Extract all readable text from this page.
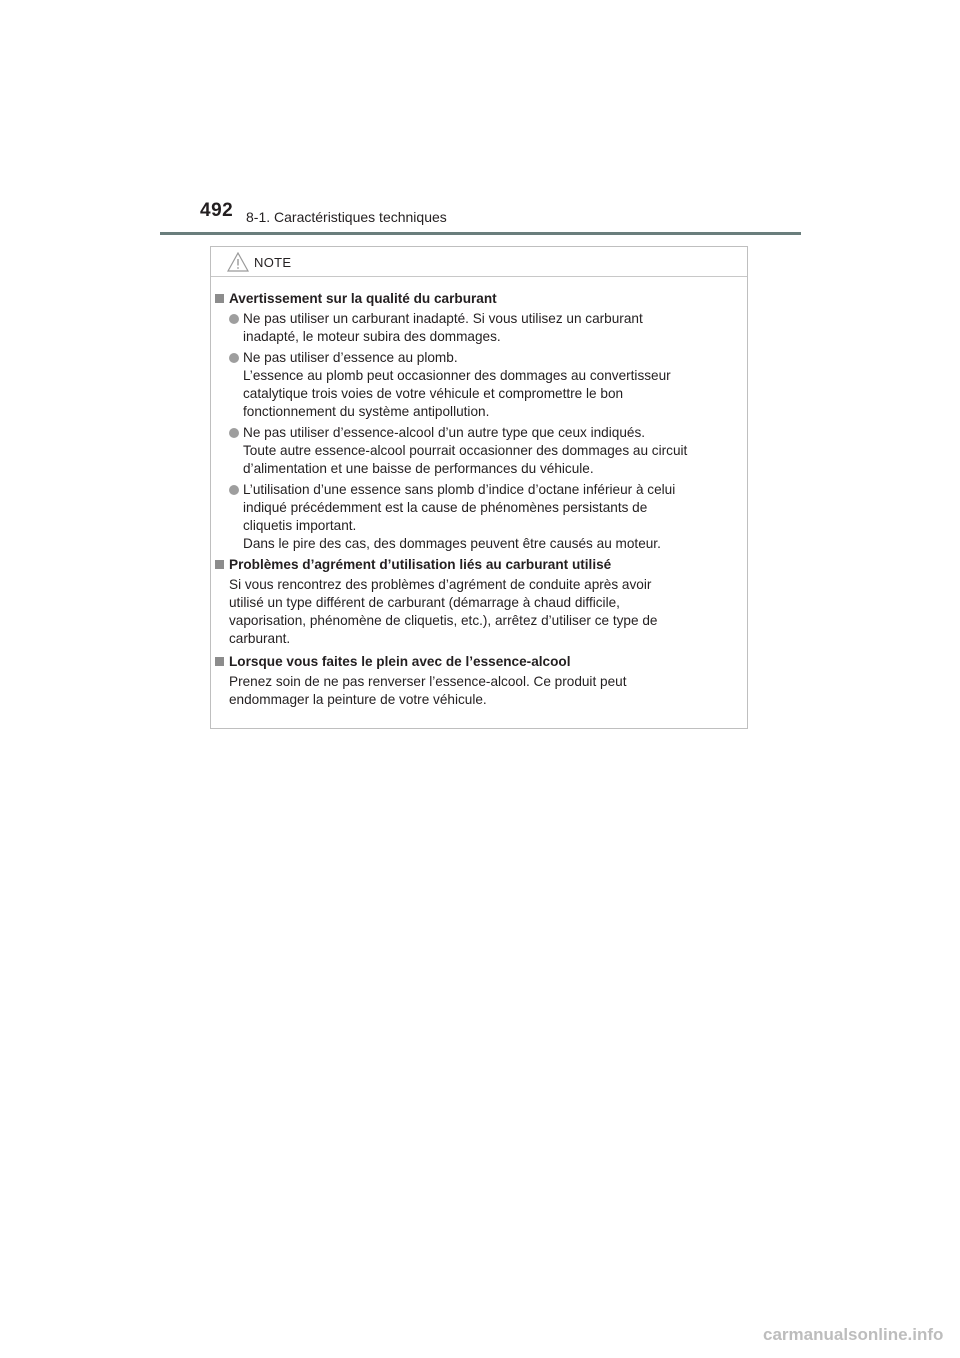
492 8-1. Caractéristiques techniques
NOTE
Avertissement sur la qualité du carburant
Ne pas utiliser un carburant inadapté. Si vous utilisez un carburant
inadapté, le moteur subira des dommages.
Ne pas utiliser d’essence au plomb.
L’essence au plomb peut occasionner des dommages au convertisseur
catalytique trois voies de votre véhicule et compromettre le bon
fonctionnement du système antipollution.
Ne pas utiliser d’essence-alcool d’un autre type que ceux indiqués.
Toute autre essence-alcool pourrait occasionner des dommages au circuit
d’alimentation et une baisse de performances du véhicule.
L’utilisation d’une essence sans plomb d’indice d’octane inférieur à celui
indiqué précédemment est la cause de phénomènes persistants de
cliquetis important.
Dans le pire des cas, des dommages peuvent être causés au moteur.
Problèmes d’agrément d’utilisation liés au carburant utilisé
Si vous rencontrez des problèmes d’agrément de conduite après avoir
utilisé un type différent de carburant (démarrage à chaud difficile,
vaporisation, phénomène de cliquetis, etc.), arrêtez d’utiliser ce type de
carburant.
Lorsque vous faites le plein avec de l’essence-alcool
Prenez soin de ne pas renverser l’essence-alcool. Ce produit peut
endommager la peinture de votre véhicule.
carmanualsonline.info
